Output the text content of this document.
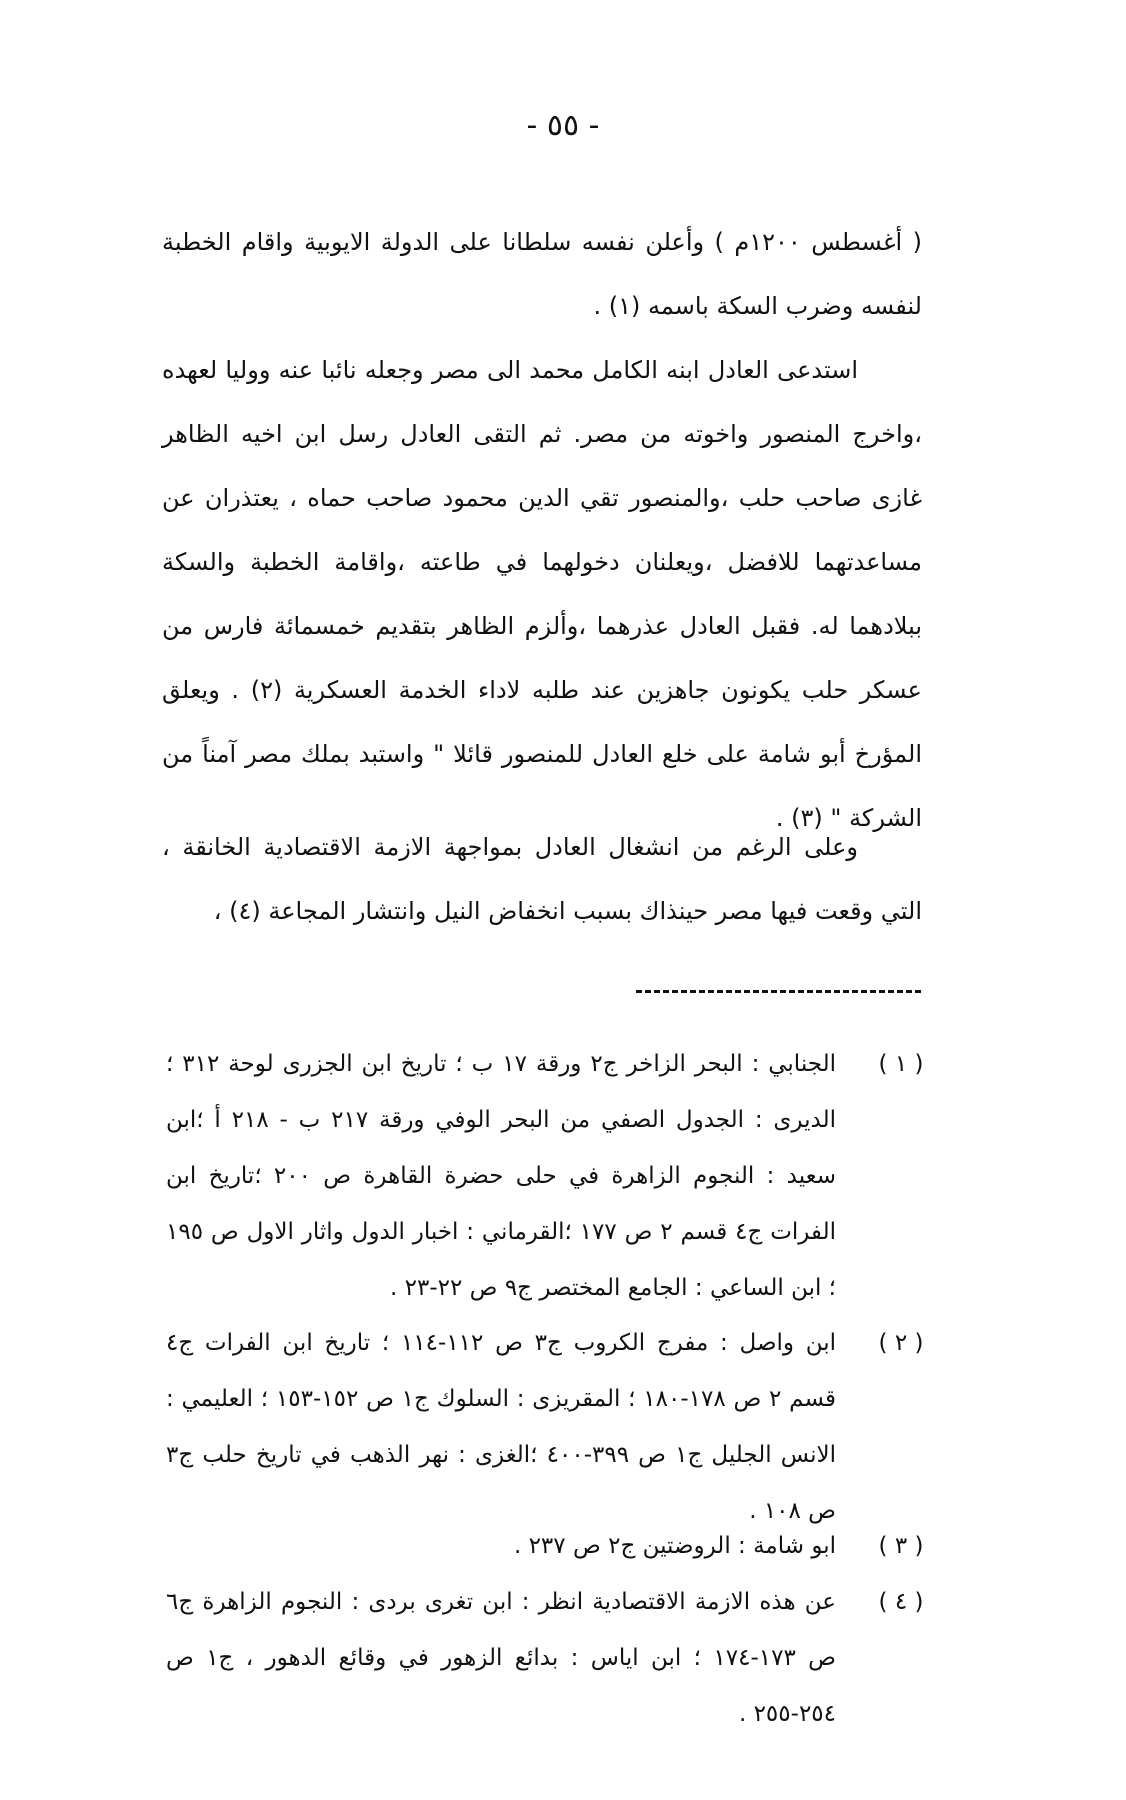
- ٥٥ -

( أغسطس ١٢٠٠م ) وأعلن نفسه سلطانا على الدولة الايوبية واقام الخطبة لنفسه وضرب السكة باسمه (١) .

استدعى العادل ابنه الكامل محمد الى مصر وجعله نائبا عنه ووليا لعهده ،واخرج المنصور واخوته من مصر. ثم التقى العادل رسل ابن اخيه الظاهر غازى صاحب حلب ،والمنصور تقي الدين محمود صاحب حماه ، يعتذران عن مساعدتهما للافضل ،ويعلنان دخولهما في طاعته ،واقامة الخطبة والسكة ببلادهما له. فقبل العادل عذرهما ،وألزم الظاهر بتقديم خمسمائة فارس من عسكر حلب يكونون جاهزين عند طلبه لاداء الخدمة العسكرية (٢) . ويعلق المؤرخ أبو شامة على خلع العادل للمنصور قائلا " واستبد بملك مصر آمناً من الشركة " (٣) .

وعلى الرغم من انشغال العادل بمواجهة الازمة الاقتصادية الخانقة ، التي وقعت فيها مصر حينذاك بسبب انخفاض النيل وانتشار المجاعة (٤) ،

( ١ )
الجنابي : البحر الزاخر ج٢ ورقة ١٧ ب ؛ تاريخ ابن الجزرى لوحة ٣١٢ ؛ الديرى : الجدول الصفي من البحر الوفي ورقة ٢١٧ ب - ٢١٨ أ ؛ابن سعيد : النجوم الزاهرة في حلى حضرة القاهرة ص ٢٠٠ ؛تاريخ ابن الفرات ج٤ قسم ٢ ص ١٧٧ ؛القرماني : اخبار الدول واثار الاول ص ١٩٥ ؛ ابن الساعي : الجامع المختصر ج٩ ص ٢٢-٢٣ .
( ٢ )
ابن واصل : مفرج الكروب ج٣ ص ١١٢-١١٤ ؛ تاريخ ابن الفرات ج٤ قسم ٢ ص ١٧٨-١٨٠ ؛ المقريزى : السلوك ج١ ص ١٥٢-١٥٣ ؛ العليمي : الانس الجليل ج١ ص ٣٩٩-٤٠٠ ؛الغزى : نهر الذهب في تاريخ حلب ج٣ ص ١٠٨ .
( ٣ )
ابو شامة : الروضتين ج٢ ص ٢٣٧ .
( ٤ )
عن هذه الازمة الاقتصادية انظر : ابن تغرى بردى : النجوم الزاهرة ج٦ ص ١٧٣-١٧٤ ؛ ابن اياس : بدائع الزهور في وقائع الدهور ، ج١ ص ٢٥٤-٢٥٥ .
